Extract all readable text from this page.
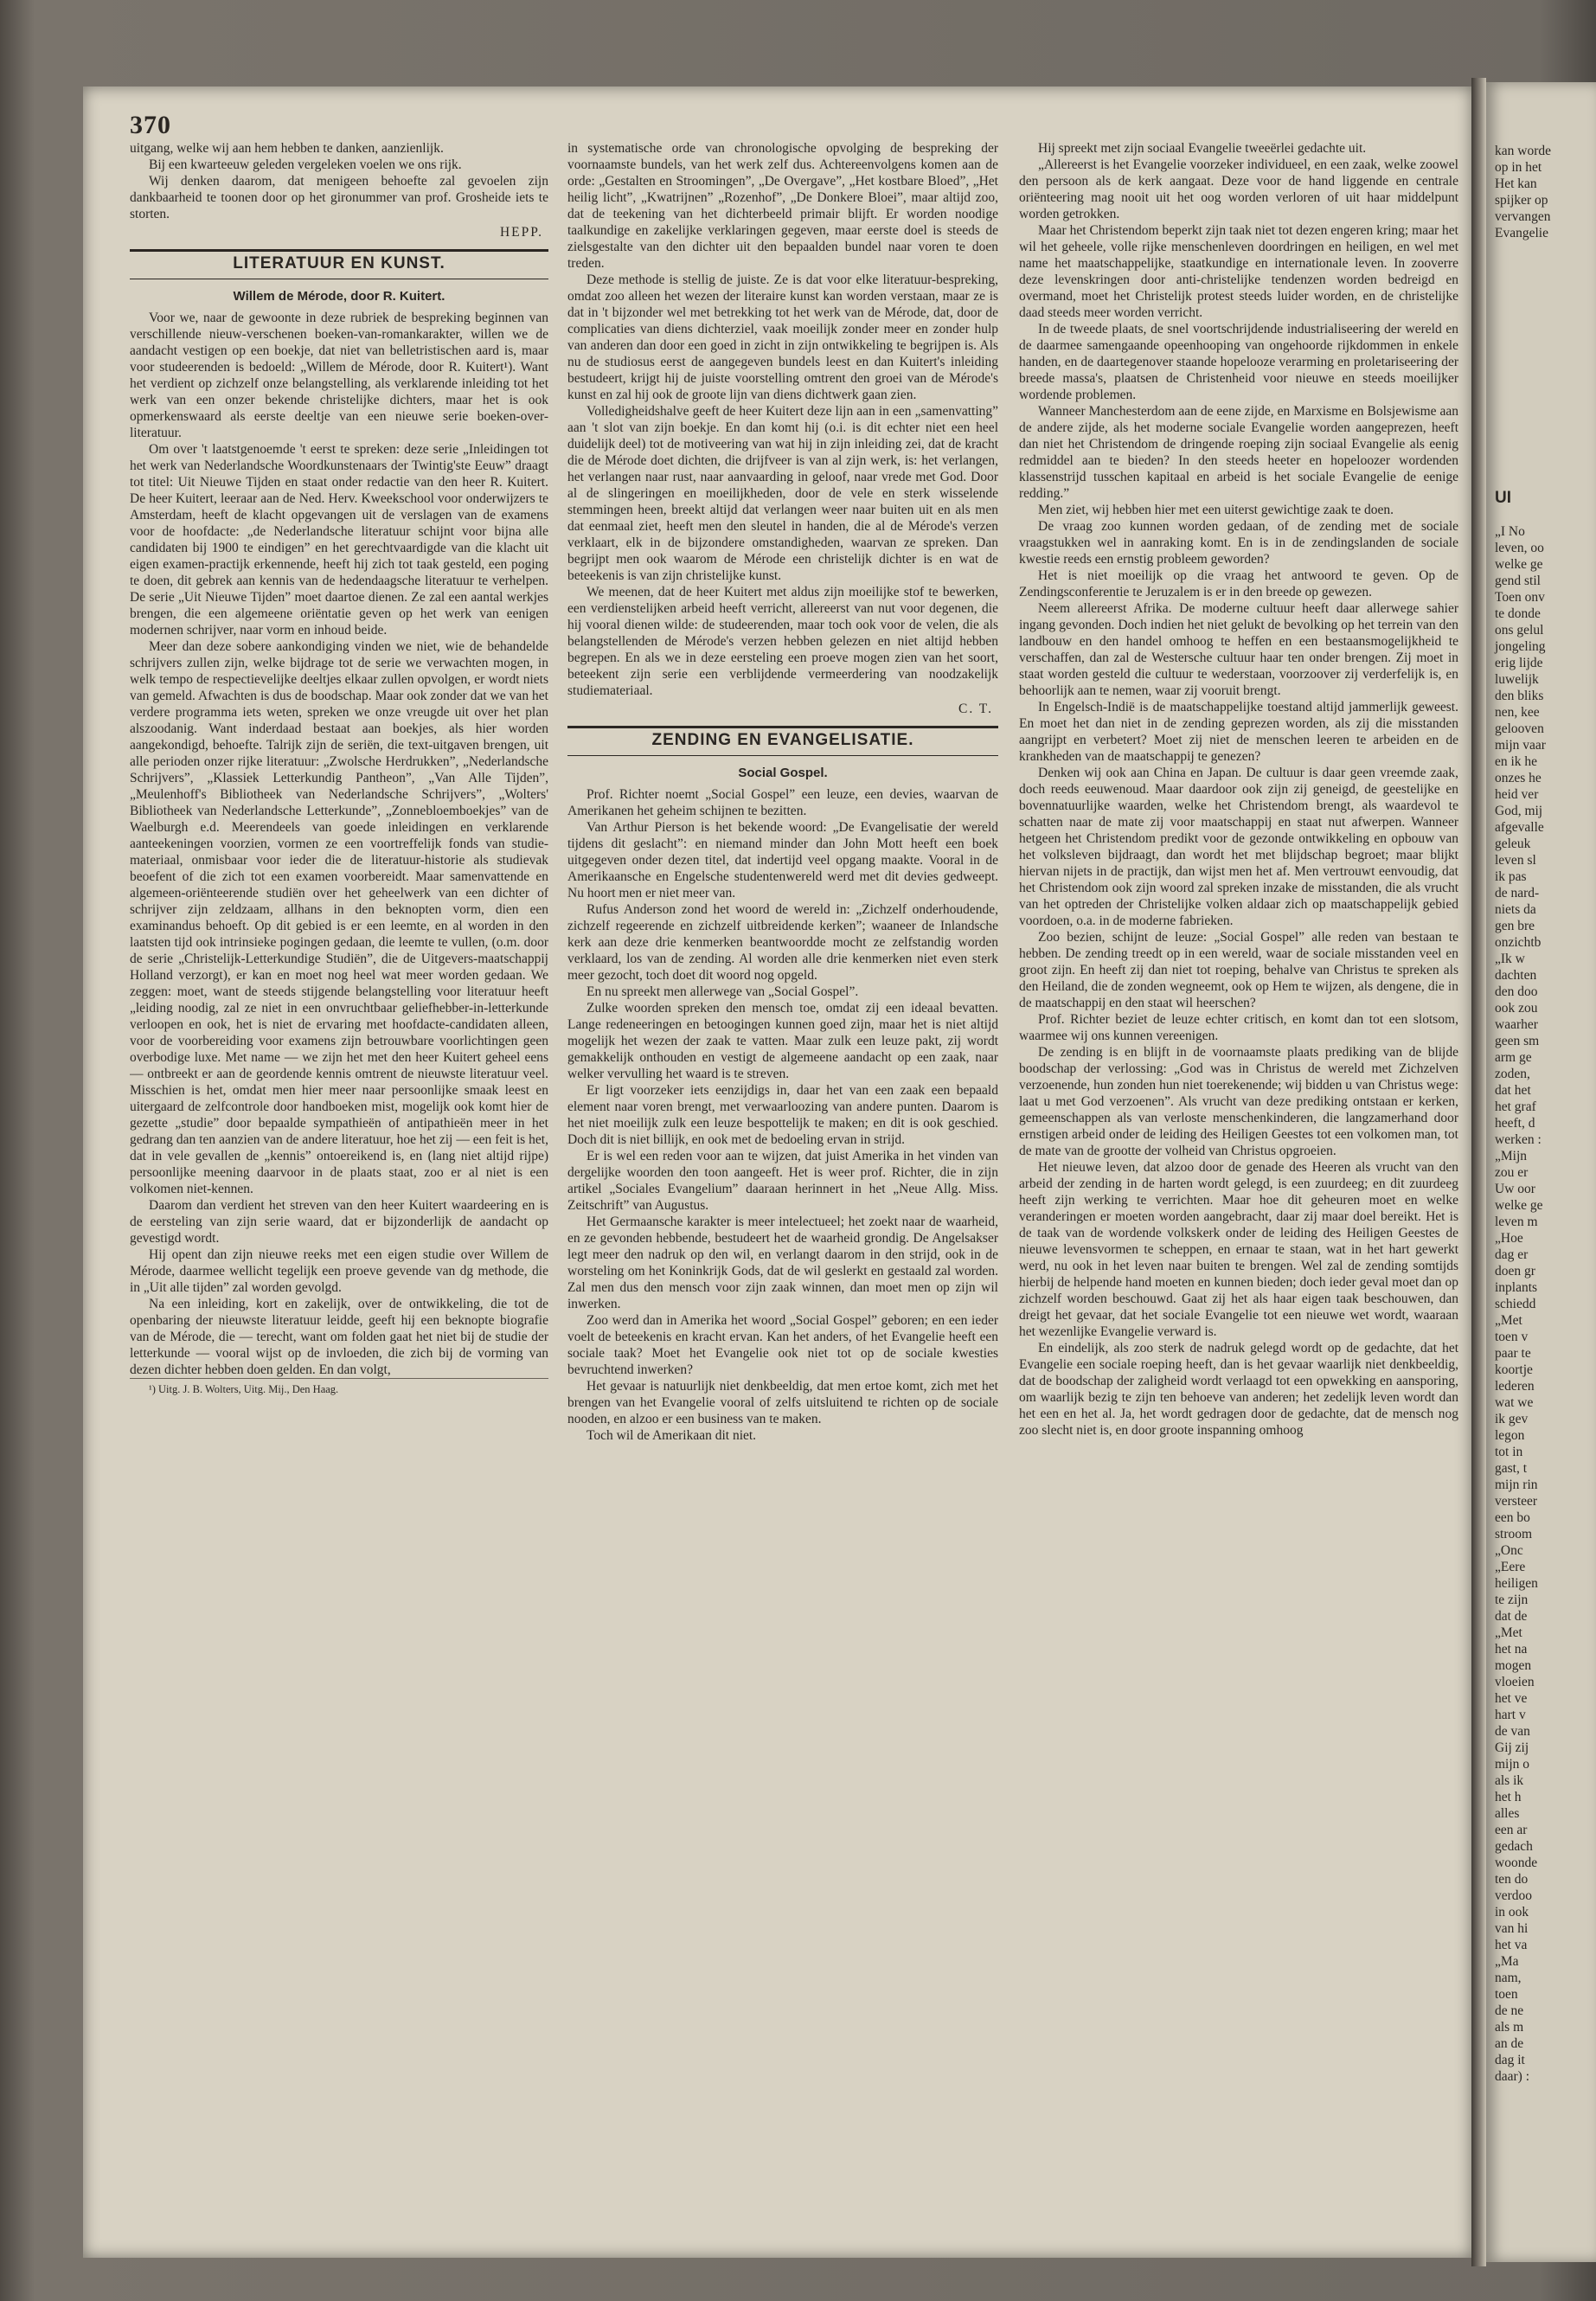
kan worde
op in het
Het kan
spijker op
vervangen
Evangelie
UI
„I No
leven, oo
welke ge
gend stil
Toen onv
te donde
ons gelul
jongeling
erig lijde
luwelijk
den bliks
nen, kee
gelooven
mijn vaar
en ik he
onzes he
heid ver
God, mij
afgevalle
geleuk
leven sl
ik pas
de nard-
niets da
gen bre
onzichtb
„Ik w
dachten
den doo
ook zou
waarher
geen sm
arm ge
zoden,
dat het
het graf
heeft, d
werken :
„Mijn
zou er
Uw oor
welke ge
leven m
„Hoe
dag er
doen gr
inplants
schiedd
„Met
toen v
paar te
koortje
lederen
wat we
ik gev
legon
tot in
gast, t
mijn rin
versteer
een bo
stroom
„Onc
„Eere
heiligen
te zijn
dat de
„Met
het na
mogen
vloeien
het ve
hart v
de van
Gij zij
mijn o
als ik
het h
alles
een ar
gedach
woonde
ten do
verdoo
in ook
van hi
het va
„Ma
nam,
toen
de ne
als m
an de
dag it
daar) :
370

uitgang, welke wij aan hem hebben te danken, aanzienlijk.

Bij een kwarteeuw geleden vergeleken voelen we ons rijk.

Wij denken daarom, dat menigeen behoefte zal gevoelen zijn dankbaarheid te toonen door op het gironummer van prof. Grosheide iets te storten.

HEPP.
LITERATUUR EN KUNST.
Willem de Mérode, door R. Kuitert.

Voor we, naar de gewoonte in deze rubriek de bespreking beginnen van verschillende nieuw-verschenen boeken-van-romankarakter, willen we de aandacht vestigen op een boekje, dat niet van belletristischen aard is, maar voor studeerenden is bedoeld: „Willem de Mérode, door R. Kuitert¹). Want het verdient op zichzelf onze belangstelling, als verklarende inleiding tot het werk van een onzer bekende christelijke dichters, maar het is ook opmerkenswaard als eerste deeltje van een nieuwe serie boeken-over-literatuur.

Om over 't laatstgenoemde 't eerst te spreken: deze serie „Inleidingen tot het werk van Nederlandsche Woordkunstenaars der Twintig'ste Eeuw” draagt tot titel: Uit Nieuwe Tijden en staat onder redactie van den heer R. Kuitert. De heer Kuitert, leeraar aan de Ned. Herv. Kweekschool voor onderwijzers te Amsterdam, heeft de klacht opgevangen uit de verslagen van de examens voor de hoofdacte: „de Nederlandsche literatuur schijnt voor bijna alle candidaten bij 1900 te eindigen” en het gerechtvaardigde van die klacht uit eigen examen-practijk erkennende, heeft hij zich tot taak gesteld, een poging te doen, dit gebrek aan kennis van de hedendaagsche literatuur te verhelpen. De serie „Uit Nieuwe Tijden” moet daartoe dienen. Ze zal een aantal werkjes brengen, die een algemeene oriëntatie geven op het werk van eenigen modernen schrijver, naar vorm en inhoud beide.

Meer dan deze sobere aankondiging vinden we niet, wie de behandelde schrijvers zullen zijn, welke bijdrage tot de serie we verwachten mogen, in welk tempo de respectievelijke deeltjes elkaar zullen opvolgen, er wordt niets van gemeld. Afwachten is dus de boodschap. Maar ook zonder dat we van het verdere programma iets weten, spreken we onze vreugde uit over het plan alszoodanig. Want inderdaad bestaat aan boekjes, als hier worden aangekondigd, behoefte. Talrijk zijn de seriën, die text-uitgaven brengen, uit alle perioden onzer rijke literatuur: „Zwolsche Herdrukken”, „Nederlandsche Schrijvers”, „Klassiek Letterkundig Pantheon”, „Van Alle Tijden”, „Meulenhoff's Bibliotheek van Nederlandsche Schrijvers”, „Wolters' Bibliotheek van Nederlandsche Letterkunde”, „Zonnebloemboekjes” van de Waelburgh e.d. Meerendeels van goede inleidingen en verklarende aanteekeningen voorzien, vormen ze een voortreffelijk fonds van studie-materiaal, onmisbaar voor ieder die de literatuur-historie als studievak beoefent of die zich tot een examen voorbereidt. Maar samenvattende en algemeen-oriënteerende studiën over het geheelwerk van een dichter of schrijver zijn zeldzaam, allhans in den beknopten vorm, dien een examinandus behoeft. Op dit gebied is er een leemte, en al worden in den laatsten tijd ook intrinsieke pogingen gedaan, die leemte te vullen, (o.m. door de serie „Christelijk-Letterkundige Studiën”, die de Uitgevers-maatschappij Holland verzorgt), er kan en moet nog heel wat meer worden gedaan. We zeggen: moet, want de steeds stijgende belangstelling voor literatuur heeft „leiding noodig, zal ze niet in een onvruchtbaar geliefhebber-in-letterkunde verloopen en ook, het is niet de ervaring met hoofdacte-candidaten alleen, voor de voorbereiding voor examens zijn betrouwbare voorlichtingen geen overbodige luxe. Met name — we zijn het met den heer Kuitert geheel eens — ontbreekt er aan de geordende kennis omtrent de nieuwste literatuur veel. Misschien is het, omdat men hier meer naar persoonlijke smaak leest en uitergaard de zelfcontrole door handboeken mist, mogelijk ook komt hier de gezette „studie” door bepaalde sympathieën of antipathieën meer in het gedrang dan ten aanzien van de andere literatuur, hoe het zij — een feit is het, dat in vele gevallen de „kennis” ontoereikend is, en (lang niet altijd rijpe) persoonlijke meening daarvoor in de plaats staat, zoo er al niet is een volkomen niet-kennen.

Daarom dan verdient het streven van den heer Kuitert waardeering en is de eersteling van zijn serie waard, dat er bijzonderlijk de aandacht op gevestigd wordt.

Hij opent dan zijn nieuwe reeks met een eigen studie over Willem de Mérode, daarmee wellicht tegelijk een proeve gevende van dg methode, die in „Uit alle tijden” zal worden gevolgd.

Na een inleiding, kort en zakelijk, over de ontwikkeling, die tot de openbaring der nieuwste literatuur leidde, geeft hij een beknopte biografie van de Mérode, die — terecht, want om folden gaat het niet bij de studie der letterkunde — vooral wijst op de invloeden, die zich bij de vorming van dezen dichter hebben doen gelden. En dan volgt,

¹) Uitg. J. B. Wolters, Uitg. Mij., Den Haag.

in systematische orde van chronologische opvolging de bespreking der voornaamste bundels, van het werk zelf dus. Achtereenvolgens komen aan de orde: „Gestalten en Stroomingen”, „De Overgave”, „Het kostbare Bloed”, „Het heilig licht”, „Kwatrijnen” „Rozenhof”, „De Donkere Bloei”, maar altijd zoo, dat de teekening van het dichterbeeld primair blijft. Er worden noodige taalkundige en zakelijke verklaringen gegeven, maar eerste doel is steeds de zielsgestalte van den dichter uit den bepaalden bundel naar voren te doen treden.

Deze methode is stellig de juiste. Ze is dat voor elke literatuur-bespreking, omdat zoo alleen het wezen der literaire kunst kan worden verstaan, maar ze is dat in 't bijzonder wel met betrekking tot het werk van de Mérode, dat, door de complicaties van diens dichterziel, vaak moeilijk zonder meer en zonder hulp van anderen dan door een goed in zicht in zijn ontwikkeling te begrijpen is. Als nu de studiosus eerst de aangegeven bundels leest en dan Kuitert's inleiding bestudeert, krijgt hij de juiste voorstelling omtrent den groei van de Mérode's kunst en zal hij ook de groote lijn van diens dichtwerk gaan zien.

Volledigheidshalve geeft de heer Kuitert deze lijn aan in een „samenvatting” aan 't slot van zijn boekje. En dan komt hij (o.i. is dit echter niet een heel duidelijk deel) tot de motiveering van wat hij in zijn inleiding zei, dat de kracht die de Mérode doet dichten, die drijfveer is van al zijn werk, is: het verlangen, het verlangen naar rust, naar aanvaarding in geloof, naar vrede met God. Door al de slingeringen en moeilijkheden, door de vele en sterk wisselende stemmingen heen, breekt altijd dat verlangen weer naar buiten uit en als men dat eenmaal ziet, heeft men den sleutel in handen, die al de Mérode's verzen verklaart, elk in de bijzondere omstandigheden, waarvan ze spreken. Dan begrijpt men ook waarom de Mérode een christelijk dichter is en wat de beteekenis is van zijn christelijke kunst.

We meenen, dat de heer Kuitert met aldus zijn moeilijke stof te bewerken, een verdienstelijken arbeid heeft verricht, allereerst van nut voor degenen, die hij vooral dienen wilde: de studeerenden, maar toch ook voor de velen, die als belangstellenden de Mérode's verzen hebben gelezen en niet altijd hebben begrepen. En als we in deze eersteling een proeve mogen zien van het soort, beteekent zijn serie een verblijdende vermeerdering van noodzakelijk studiemateriaal.

C. T.
ZENDING EN EVANGELISATIE.
Social Gospel.

Prof. Richter noemt „Social Gospel” een leuze, een devies, waarvan de Amerikanen het geheim schijnen te bezitten.

Van Arthur Pierson is het bekende woord: „De Evangelisatie der wereld tijdens dit geslacht”: en niemand minder dan John Mott heeft een boek uitgegeven onder dezen titel, dat indertijd veel opgang maakte. Vooral in de Amerikaansche en Engelsche studentenwereld werd met dit devies gedweept. Nu hoort men er niet meer van.

Rufus Anderson zond het woord de wereld in: „Zichzelf onderhoudende, zichzelf regeerende en zichzelf uitbreidende kerken”; waaneer de Inlandsche kerk aan deze drie kenmerken beantwoordde mocht ze zelfstandig worden verklaard, los van de zending. Al worden alle drie kenmerken niet even sterk meer gezocht, toch doet dit woord nog opgeld.

En nu spreekt men allerwege van „Social Gospel”.

Zulke woorden spreken den mensch toe, omdat zij een ideaal bevatten. Lange redeneeringen en betoogingen kunnen goed zijn, maar het is niet altijd mogelijk het wezen der zaak te vatten. Maar zulk een leuze pakt, zij wordt gemakkelijk onthouden en vestigt de algemeene aandacht op een zaak, naar welker vervulling het waard is te streven.

Er ligt voorzeker iets eenzijdigs in, daar het van een zaak een bepaald element naar voren brengt, met verwaarloozing van andere punten. Daarom is het niet moeilijk zulk een leuze bespottelijk te maken; en dit is ook geschied. Doch dit is niet billijk, en ook met de bedoeling ervan in strijd.

Er is wel een reden voor aan te wijzen, dat juist Amerika in het vinden van dergelijke woorden den toon aangeeft. Het is weer prof. Richter, die in zijn artikel „Sociales Evangelium” daaraan herinnert in het „Neue Allg. Miss. Zeitschrift” van Augustus.

Het Germaansche karakter is meer intelectueel; het zoekt naar de waarheid, en ze gevonden hebbende, bestudeert het de waarheid grondig. De Angelsakser legt meer den nadruk op den wil, en verlangt daarom in den strijd, ook in de worsteling om het Koninkrijk Gods, dat de wil geslerkt en gestaald zal worden. Zal men dus den mensch voor zijn zaak winnen, dan moet men op zijn wil inwerken.

Zoo werd dan in Amerika het woord „Social Gospel” geboren; en een ieder voelt de beteekenis en kracht ervan. Kan het anders, of het Evangelie heeft een sociale taak? Moet het Evangelie ook niet tot op de sociale kwesties bevruchtend inwerken?

Het gevaar is natuurlijk niet denkbeeldig, dat men ertoe komt, zich met het brengen van het Evangelie vooral of zelfs uitsluitend te richten op de sociale nooden, en alzoo er een business van te maken.

Toch wil de Amerikaan dit niet.

Hij spreekt met zijn sociaal Evangelie tweeërlei gedachte uit.

„Allereerst is het Evangelie voorzeker individueel, en een zaak, welke zoowel den persoon als de kerk aangaat. Deze voor de hand liggende en centrale oriënteering mag nooit uit het oog worden verloren of uit haar middelpunt worden getrokken.

Maar het Christendom beperkt zijn taak niet tot dezen engeren kring; maar het wil het geheele, volle rijke menschenleven doordringen en heiligen, en wel met name het maatschappelijke, staatkundige en internationale leven. In zooverre deze levenskringen door anti-christelijke tendenzen worden bedreigd en overmand, moet het Christelijk protest steeds luider worden, en de christelijke daad steeds meer worden verricht.

In de tweede plaats, de snel voortschrijdende industrialiseering der wereld en de daarmee samengaande opeenhooping van ongehoorde rijkdommen in enkele handen, en de daartegenover staande hopelooze verarming en proletariseering der breede massa's, plaatsen de Christenheid voor nieuwe en steeds moeilijker wordende problemen.

Wanneer Manchesterdom aan de eene zijde, en Marxisme en Bolsjewisme aan de andere zijde, als het moderne sociale Evangelie worden aangeprezen, heeft dan niet het Christendom de dringende roeping zijn sociaal Evangelie als eenig redmiddel aan te bieden? In den steeds heeter en hopeloozer wordenden klassenstrijd tusschen kapitaal en arbeid is het sociale Evangelie de eenige redding.”

Men ziet, wij hebben hier met een uiterst gewichtige zaak te doen.

De vraag zoo kunnen worden gedaan, of de zending met de sociale vraagstukken wel in aanraking komt. En is in de zendingslanden de sociale kwestie reeds een ernstig probleem geworden?

Het is niet moeilijk op die vraag het antwoord te geven. Op de Zendingsconferentie te Jeruzalem is er in den breede op gewezen.

Neem allereerst Afrika. De moderne cultuur heeft daar allerwege sahier ingang gevonden. Doch indien het niet gelukt de bevolking op het terrein van den landbouw en den handel omhoog te heffen en een bestaansmogelijkheid te verschaffen, dan zal de Westersche cultuur haar ten onder brengen. Zij moet in staat worden gesteld die cultuur te wederstaan, voorzoover zij verderfelijk is, en behoorlijk aan te nemen, waar zij vooruit brengt.

In Engelsch-Indië is de maatschappelijke toestand altijd jammerlijk geweest. En moet het dan niet in de zending geprezen worden, als zij die misstanden aangrijpt en verbetert? Moet zij niet de menschen leeren te arbeiden en de krankheden van de maatschappij te genezen?

Denken wij ook aan China en Japan. De cultuur is daar geen vreemde zaak, doch reeds eeuwenoud. Maar daardoor ook zijn zij geneigd, de geestelijke en bovennatuurlijke waarden, welke het Christendom brengt, als waardevol te schatten naar de mate zij voor maatschappij en staat nut afwerpen. Wanneer hetgeen het Christendom predikt voor de gezonde ontwikkeling en opbouw van het volksleven bijdraagt, dan wordt het met blijdschap begroet; maar blijkt hiervan nijets in de practijk, dan wijst men het af. Men vertrouwt eenvoudig, dat het Christendom ook zijn woord zal spreken inzake de misstanden, die als vrucht van het optreden der Christelijke volken aldaar zich op maatschappelijk gebied voordoen, o.a. in de moderne fabrieken.

Zoo bezien, schijnt de leuze: „Social Gospel” alle reden van bestaan te hebben. De zending treedt op in een wereld, waar de sociale misstanden veel en groot zijn. En heeft zij dan niet tot roeping, behalve van Christus te spreken als den Heiland, die de zonden wegneemt, ook op Hem te wijzen, als dengene, die in de maatschappij en den staat wil heerschen?

Prof. Richter beziet de leuze echter critisch, en komt dan tot een slotsom, waarmee wij ons kunnen vereenigen.

De zending is en blijft in de voornaamste plaats prediking van de blijde boodschap der verlossing: „God was in Christus de wereld met Zichzelven verzoenende, hun zonden hun niet toerekenende; wij bidden u van Christus wege: laat u met God verzoenen”. Als vrucht van deze prediking ontstaan er kerken, gemeenschappen als van verloste menschenkinderen, die langzamerhand door ernstigen arbeid onder de leiding des Heiligen Geestes tot een volkomen man, tot de mate van de grootte der volheid van Christus opgroeien.

Het nieuwe leven, dat alzoo door de genade des Heeren als vrucht van den arbeid der zending in de harten wordt gelegd, is een zuurdeeg; en dit zuurdeeg heeft zijn werking te verrichten. Maar hoe dit geheuren moet en welke veranderingen er moeten worden aangebracht, daar zij maar doel bereikt. Het is de taak van de wordende volkskerk onder de leiding des Heiligen Geestes de nieuwe levensvormen te scheppen, en ernaar te staan, wat in het hart gewerkt werd, nu ook in het leven naar buiten te brengen. Wel zal de zending somtijds hierbij de helpende hand moeten en kunnen bieden; doch ieder geval moet dan op zichzelf worden beschouwd. Gaat zij het als haar eigen taak beschouwen, dan dreigt het gevaar, dat het sociale Evangelie tot een nieuwe wet wordt, waaraan het wezenlijke Evangelie verward is.

En eindelijk, als zoo sterk de nadruk gelegd wordt op de gedachte, dat het Evangelie een sociale roeping heeft, dan is het gevaar waarlijk niet denkbeeldig, dat de boodschap der zaligheid wordt verlaagd tot een opwekking en aansporing, om waarlijk bezig te zijn ten behoeve van anderen; het zedelijk leven wordt dan het een en het al. Ja, het wordt gedragen door de gedachte, dat de mensch nog zoo slecht niet is, en door groote inspanning omhoog
